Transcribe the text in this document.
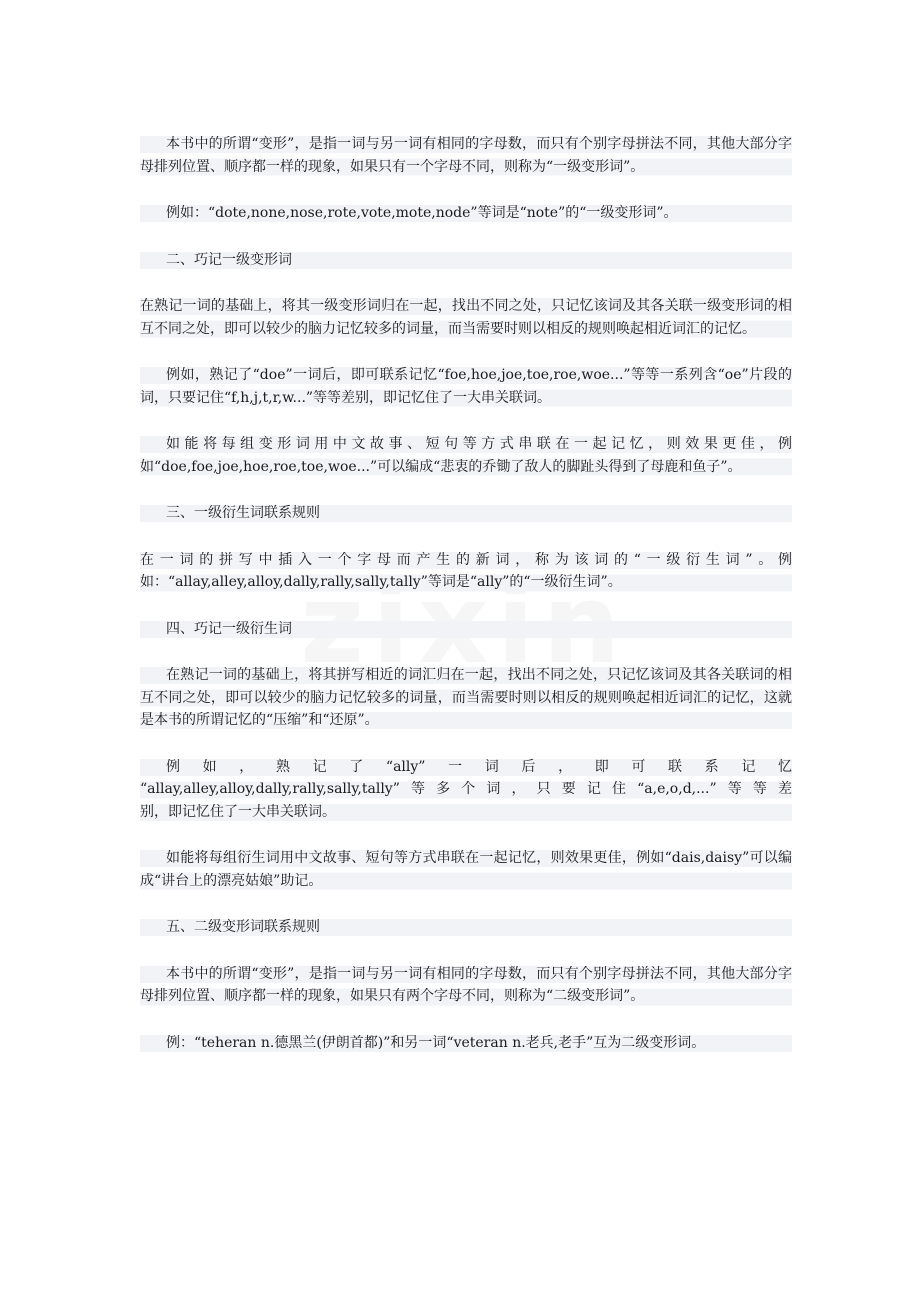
本书中的所谓“变形”，是指一词与另一词有相同的字母数，而只有个别字母拼法不同，其他大部分字母排列位置、顺序都一样的现象，如果只有一个字母不同，则称为“一级变形词”。

例如：“dote,none,nose,rote,vote,mote,node”等词是“note”的“一级变形词”。

二、巧记一级变形词

在熟记一词的基础上，将其一级变形词归在一起，找出不同之处，只记忆该词及其各关联一级变形词的相互不同之处，即可以较少的脑力记忆较多的词量，而当需要时则以相反的规则唤起相近词汇的记忆。

例如，熟记了“doe”一词后，即可联系记忆“foe,hoe,joe,toe,roe,woe...”等等一系列含“oe”片段的词，只要记住“f,h,j,t,r,w...”等等差别，即记忆住了一大串关联词。

如能将每组变形词用中文故事、短句等方式串联在一起记忆，则效果更佳，例如“doe,foe,joe,hoe,roe,toe,woe...”可以编成“悲衷的乔锄了敌人的脚趾头得到了母鹿和鱼子”。

三、一级衍生词联系规则

在一词的拼写中插入一个字母而产生的新词，称为该词的“一级衍生词”。例如：“allay,alley,alloy,dally,rally,sally,tally”等词是“ally”的“一级衍生词”。

四、巧记一级衍生词

在熟记一词的基础上，将其拼写相近的词汇归在一起，找出不同之处，只记忆该词及其各关联词的相互不同之处，即可以较少的脑力记忆较多的词量，而当需要时则以相反的规则唤起相近词汇的记忆，这就是本书的所谓记忆的“压缩”和“还原”。

例如，熟记了“ally”一词后，即可联系记忆
“allay,alley,alloy,dally,rally,sally,tally”等多个词，只要记住“a,e,o,d,...”等等差
别，即记忆住了一大串关联词。

如能将每组衍生词用中文故事、短句等方式串联在一起记忆，则效果更佳，例如“dais,daisy”可以编成“讲台上的漂亮姑娘”助记。

五、二级变形词联系规则

本书中的所谓“变形”，是指一词与另一词有相同的字母数，而只有个别字母拼法不同，其他大部分字母排列位置、顺序都一样的现象，如果只有两个字母不同，则称为“二级变形词”。

例：“teheran n.德黑兰(伊朗首都)”和另一词“veteran n.老兵,老手”互为二级变形词。
